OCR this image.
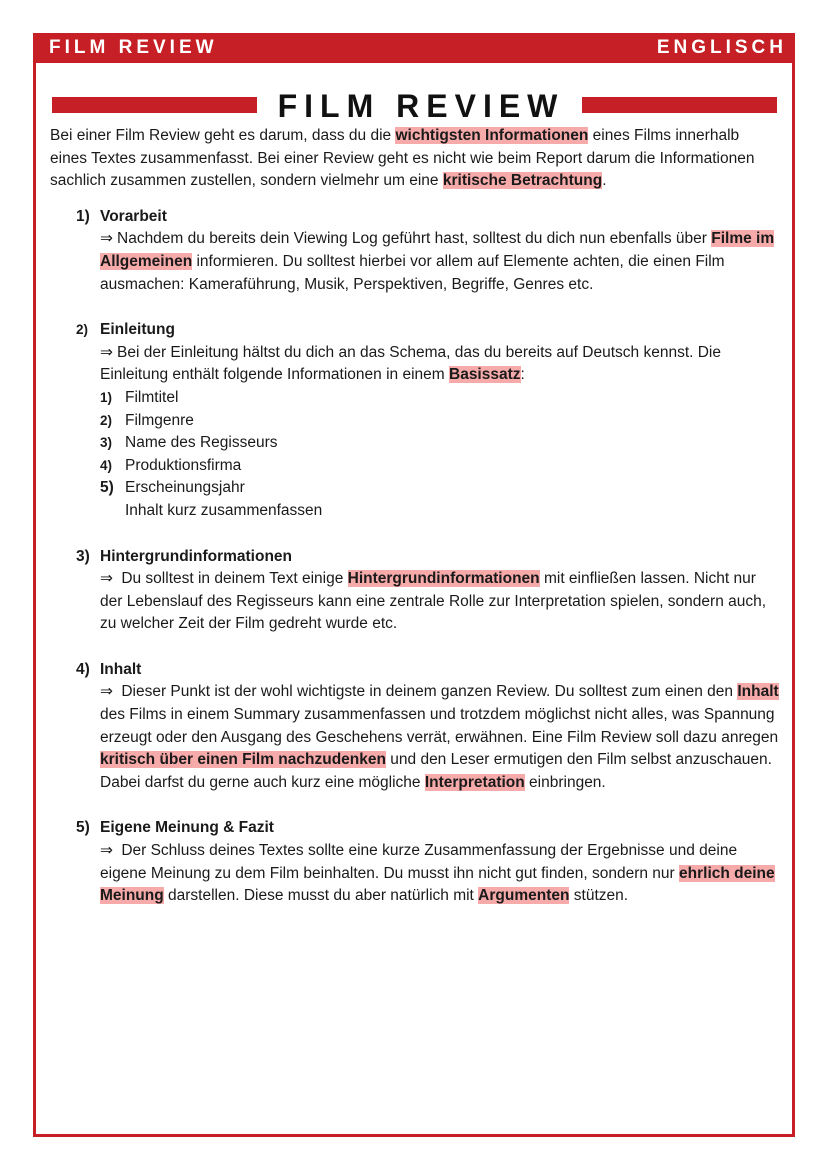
FILM REVIEW	ENGLISCH
FILM REVIEW

Bei einer Film Review geht es darum, dass du die wichtigsten Informationen eines Films innerhalb eines Textes zusammenfasst. Bei einer Review geht es nicht wie beim Report darum die Informationen sachlich zusammen zustellen, sondern vielmehr um eine kritische Betrachtung.

1) Vorarbeit
⇒ Nachdem du bereits dein Viewing Log geführt hast, solltest du dich nun ebenfalls über Filme im Allgemeinen informieren. Du solltest hierbei vor allem auf Elemente achten, die einen Film ausmachen: Kameraführung, Musik, Perspektiven, Begriffe, Genres etc.
2) Einleitung
⇒ Bei der Einleitung hältst du dich an das Schema, das du bereits auf Deutsch kennst. Die Einleitung enthält folgende Informationen in einem Basissatz:
1) Filmtitel
2) Filmgenre
3) Name des Regisseurs
4) Produktionsfirma
5) Erscheinungsjahr
Inhalt kurz zusammenfassen
3) Hintergrundinformationen
⇒ Du solltest in deinem Text einige Hintergrundinformationen mit einfließen lassen. Nicht nur der Lebenslauf des Regisseurs kann eine zentrale Rolle zur Interpretation spielen, sondern auch, zu welcher Zeit der Film gedreht wurde etc.
4) Inhalt
⇒ Dieser Punkt ist der wohl wichtigste in deinem ganzen Review. Du solltest zum einen den Inhalt des Films in einem Summary zusammenfassen und trotzdem möglichst nicht alles, was Spannung erzeugt oder den Ausgang des Geschehens verrät, erwähnen. Eine Film Review soll dazu anregen kritisch über einen Film nachzudenken und den Leser ermutigen den Film selbst anzuschauen. Dabei darfst du gerne auch kurz eine mögliche Interpretation einbringen.
5) Eigene Meinung & Fazit
⇒ Der Schluss deines Textes sollte eine kurze Zusammenfassung der Ergebnisse und deine eigene Meinung zu dem Film beinhalten. Du musst ihn nicht gut finden, sondern nur ehrlich deine Meinung darstellen. Diese musst du aber natürlich mit Argumenten stützen.
